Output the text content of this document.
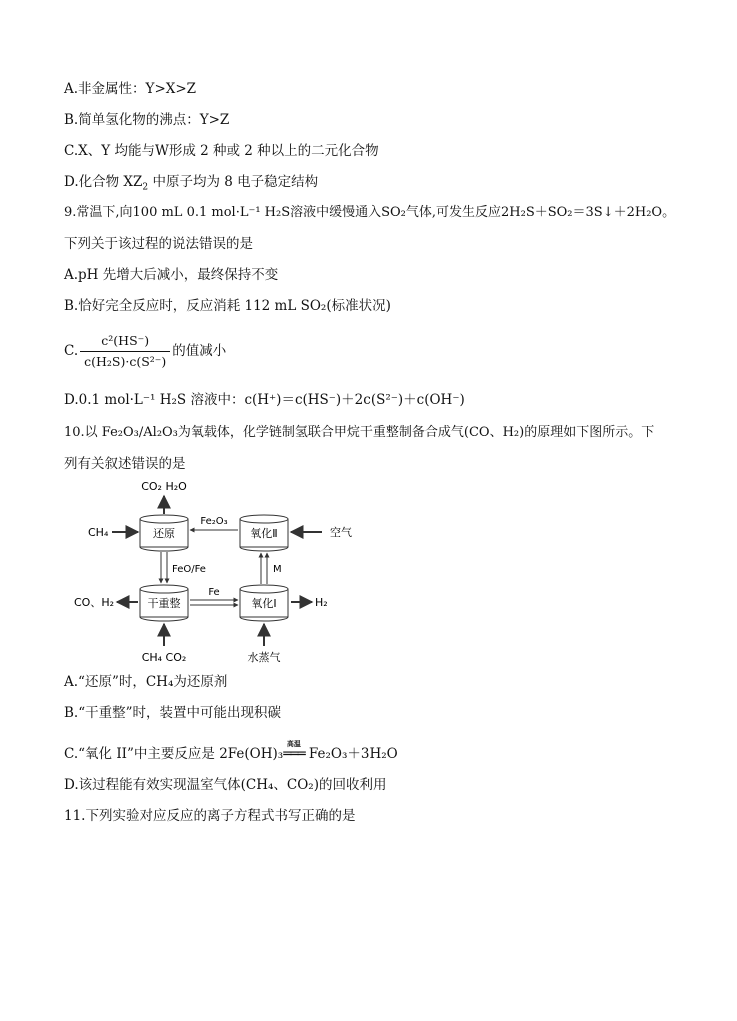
A.非金属性：Y>X>Z
B.简单氢化物的沸点：Y>Z
C.X、Y 均能与W形成 2 种或 2 种以上的二元化合物
D.化合物 $XZ_2$ 中原子均为 8 电子稳定结构
9.常温下,向100 mL 0.1 mol·L⁻¹ H₂S溶液中缓慢通入SO₂气体,可发生反应2H₂S＋SO₂＝3S↓＋2H₂O。
下列关于该过程的说法错误的是
A.pH 先增大后减小，最终保持不变
B.恰好完全反应时，反应消耗 112 mL SO₂(标准状况)
C. $\frac{\text{c²(HS⁻)}}{\text{c(H₂S)·c(S²⁻)}}$ 的值减小
D.0.1 mol·L⁻¹ H₂S 溶液中：c(H⁺)＝c(HS⁻)＋2c(S²⁻)＋c(OH⁻)
10.以 Fe₂O₃/Al₂O₃为氧载体，化学链制氢联合甲烷干重整制备合成气(CO、H₂)的原理如下图所示。下
列有关叙述错误的是
还原	氧化Ⅱ
干重整	氧化Ⅰ
CO₂ H₂O
CH₄
Fe₂O₃
空气
FeO/Fe	M
Fe
CO、H₂	H₂
CH₄ CO₂	水蒸气
A.“还原”时，CH₄为还原剂
B.“干重整”时，装置中可能出现积碳
C.“氧化 II”中主要反应是 2Fe(OH)₃
高温
═══ Fe₂O₃＋3H₂O
D.该过程能有效实现温室气体(CH₄、CO₂)的回收利用
11.下列实验对应反应的离子方程式书写正确的是
